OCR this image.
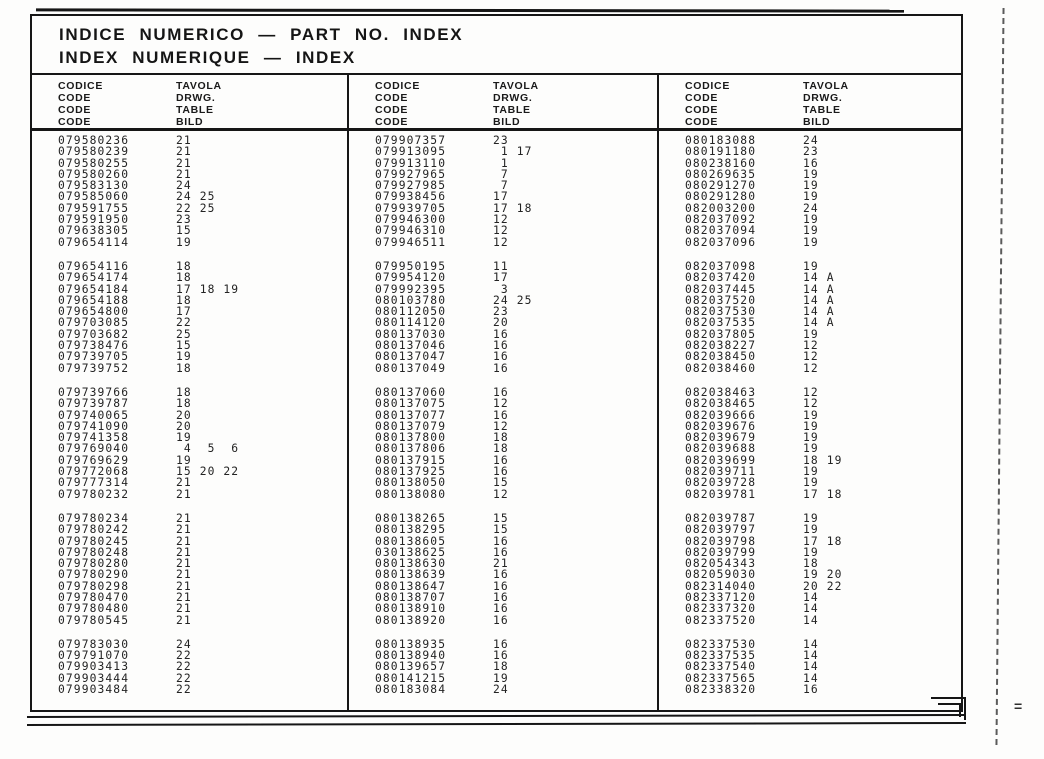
INDICE NUMERICO — PART NO. INDEX
INDEX NUMERIQUE — INDEX
CODICE
CODE
CODE
CODE
TAVOLA
DRWG.
TABLE
BILD
079580236	21
079580239	21
079580255	21
079580260	21
079583130	24
079585060	24 25
079591755	22 25
079591950	23
079638305	15
079654114	19
079654116	18
079654174	18
079654184	17 18 19
079654188	18
079654800	17
079703085	22
079703682	25
079738476	15
079739705	19
079739752	18
079739766	18
079739787	18
079740065	20
079741090	20
079741358	19
079769040	4  5  6
079769629	19
079772068	15 20 22
079777314	21
079780232	21
079780234	21
079780242	21
079780245	21
079780248	21
079780280	21
079780290	21
079780298	21
079780470	21
079780480	21
079780545	21
079783030	24
079791070	22
079903413	22
079903444	22
079903484	22
CODICE
CODE
CODE
CODE
TAVOLA
DRWG.
TABLE
BILD
079907357	23
079913095	1 17
079913110	1
079927965	7
079927985	7
079938456	17
079939705	17 18
079946300	12
079946310	12
079946511	12
079950195	11
079954120	17
079992395	3
080103780	24 25
080112050	23
080114120	20
080137030	16
080137046	16
080137047	16
080137049	16
080137060	16
080137075	12
080137077	16
080137079	12
080137800	18
080137806	18
080137915	16
080137925	16
080138050	15
080138080	12
080138265	15
080138295	15
080138605	16
030138625	16
080138630	21
080138639	16
080138647	16
080138707	16
080138910	16
080138920	16
080138935	16
080138940	16
080139657	18
080141215	19
080183084	24
CODICE
CODE
CODE
CODE
TAVOLA
DRWG.
TABLE
BILD
080183088	24
080191180	23
080238160	16
080269635	19
080291270	19
080291280	19
082003200	24
082037092	19
082037094	19
082037096	19
082037098	19
082037420	14 A
082037445	14 A
082037520	14 A
082037530	14 A
082037535	14 A
082037805	19
082038227	12
082038450	12
082038460	12
082038463	12
082038465	12
082039666	19
082039676	19
082039679	19
082039688	19
082039699	18 19
082039711	19
082039728	19
082039781	17 18
082039787	19
082039797	19
082039798	17 18
082039799	19
082054343	18
082059030	19 20
082314040	20 22
082337120	14
082337320	14
082337520	14
082337530	14
082337535	14
082337540	14
082337565	14
082338320	16
=
